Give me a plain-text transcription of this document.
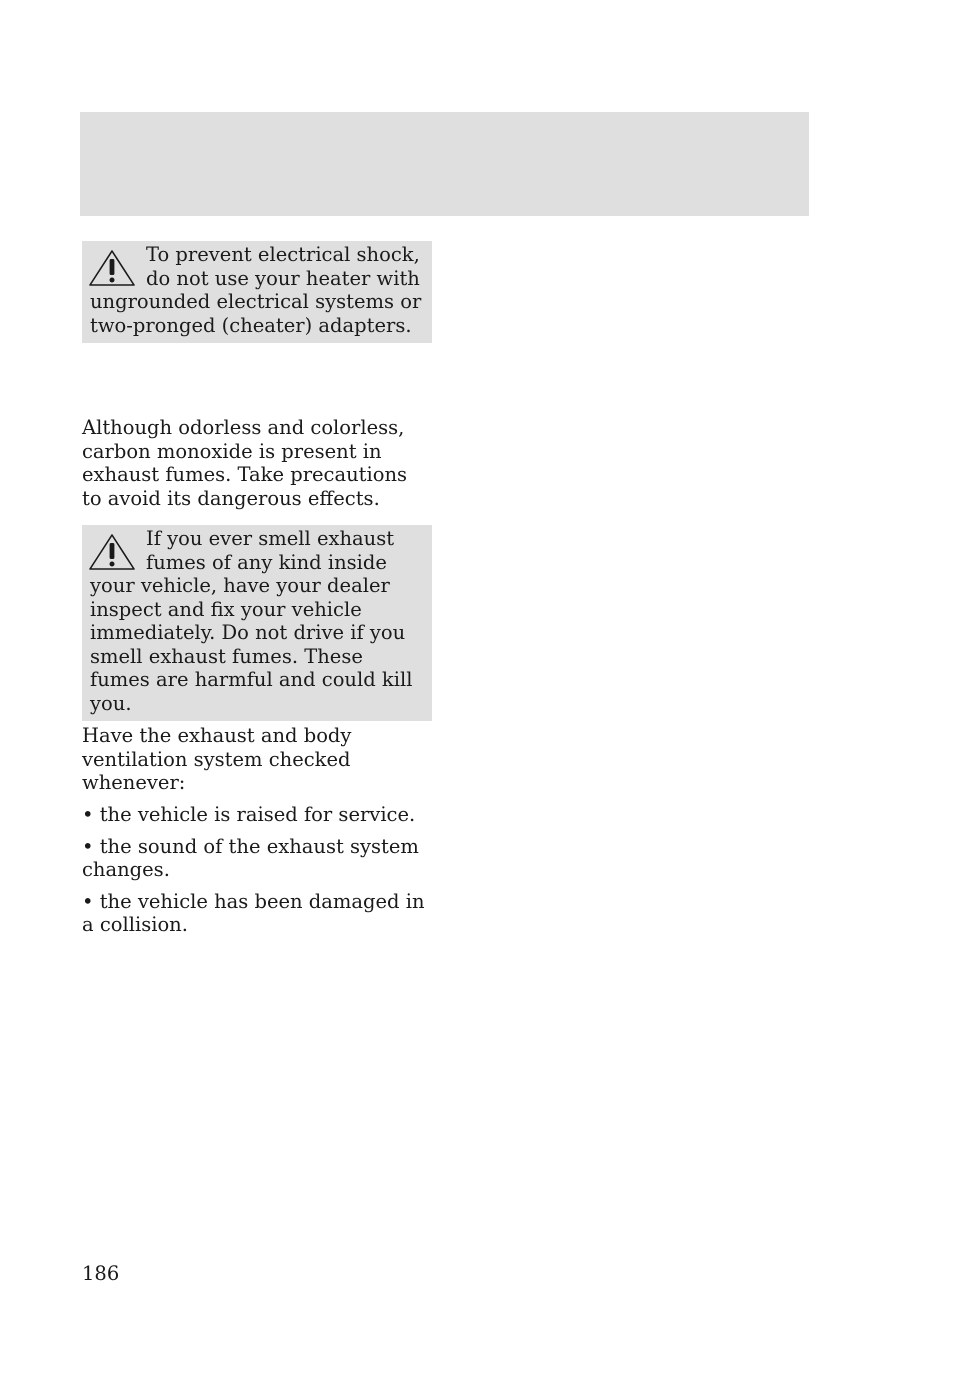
To prevent electrical shock, do not use your heater with ungrounded electrical systems or two-pronged (cheater) adapters.

Although odorless and colorless, carbon monoxide is present in exhaust fumes. Take precautions to avoid its dangerous effects.

If you ever smell exhaust fumes of any kind inside your vehicle, have your dealer inspect and fix your vehicle immediately. Do not drive if you smell exhaust fumes. These fumes are harmful and could kill you.

Have the exhaust and body ventilation system checked whenever:

• the vehicle is raised for service.
• the sound of the exhaust system changes.
• the vehicle has been damaged in a collision.
186
